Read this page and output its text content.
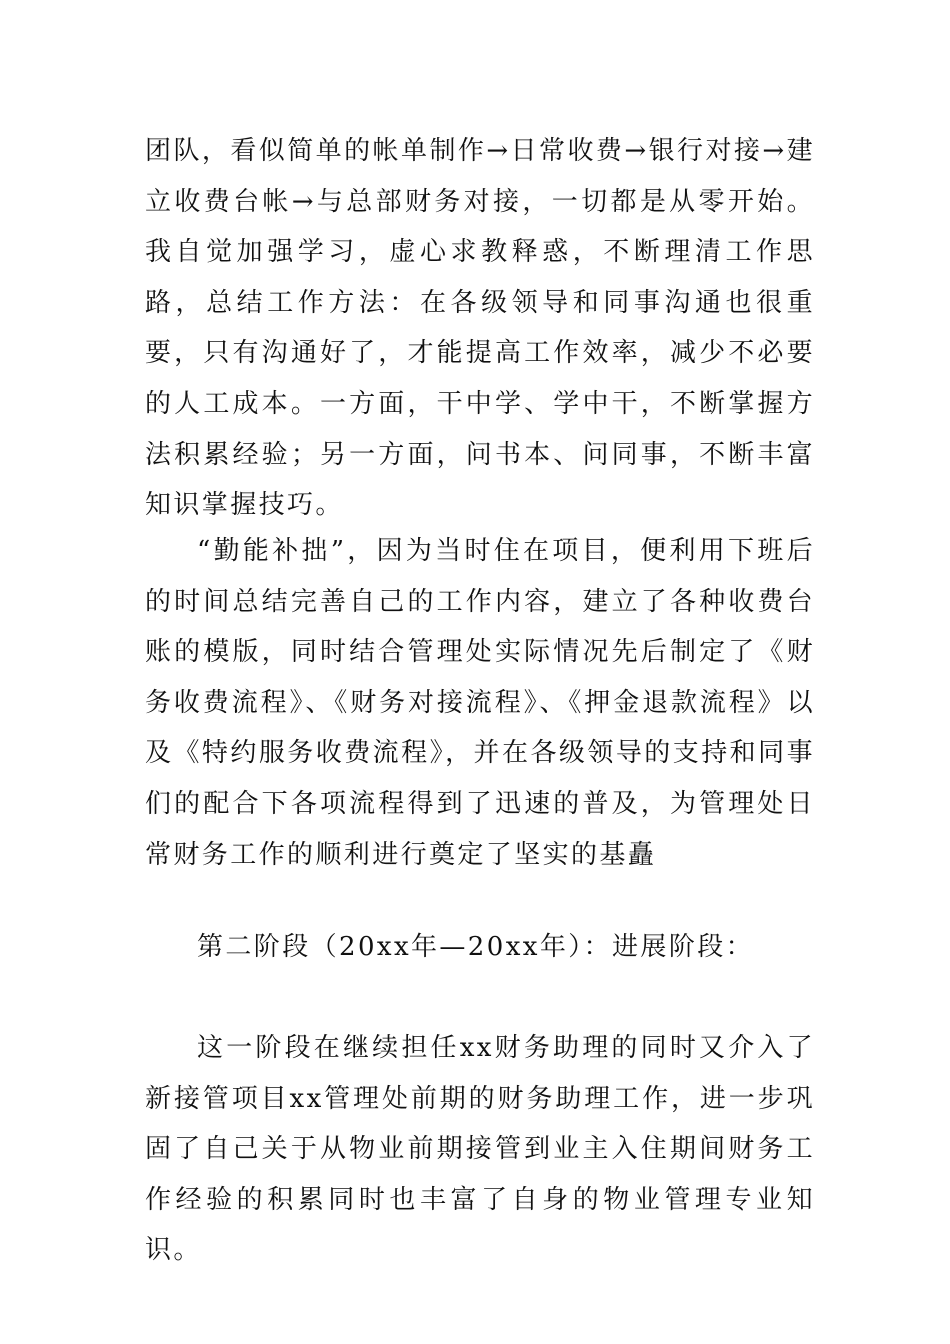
团队，看似简单的帐单制作→日常收费→银行对接→建立收费台帐→与总部财务对接，一切都是从零开始。我自觉加强学习，虚心求教释惑，不断理清工作思路，总结工作方法：在各级领导和同事沟通也很重要，只有沟通好了，才能提高工作效率，减少不必要的人工成本。一方面，干中学、学中干，不断掌握方法积累经验；另一方面，问书本、问同事，不断丰富知识掌握技巧。

“勤能补拙”，因为当时住在项目，便利用下班后的时间总结完善自己的工作内容，建立了各种收费台账的模版，同时结合管理处实际情况先后制定了《财务收费流程》、《财务对接流程》、《押金退款流程》以及《特约服务收费流程》，并在各级领导的支持和同事们的配合下各项流程得到了迅速的普及，为管理处日常财务工作的顺利进行奠定了坚实的基矗

第二阶段（20xx年—20xx年）：进展阶段：

这一阶段在继续担任xx财务助理的同时又介入了新接管项目xx管理处前期的财务助理工作，进一步巩固了自己关于从物业前期接管到业主入住期间财务工作经验的积累同时也丰富了自身的物业管理专业知识。
